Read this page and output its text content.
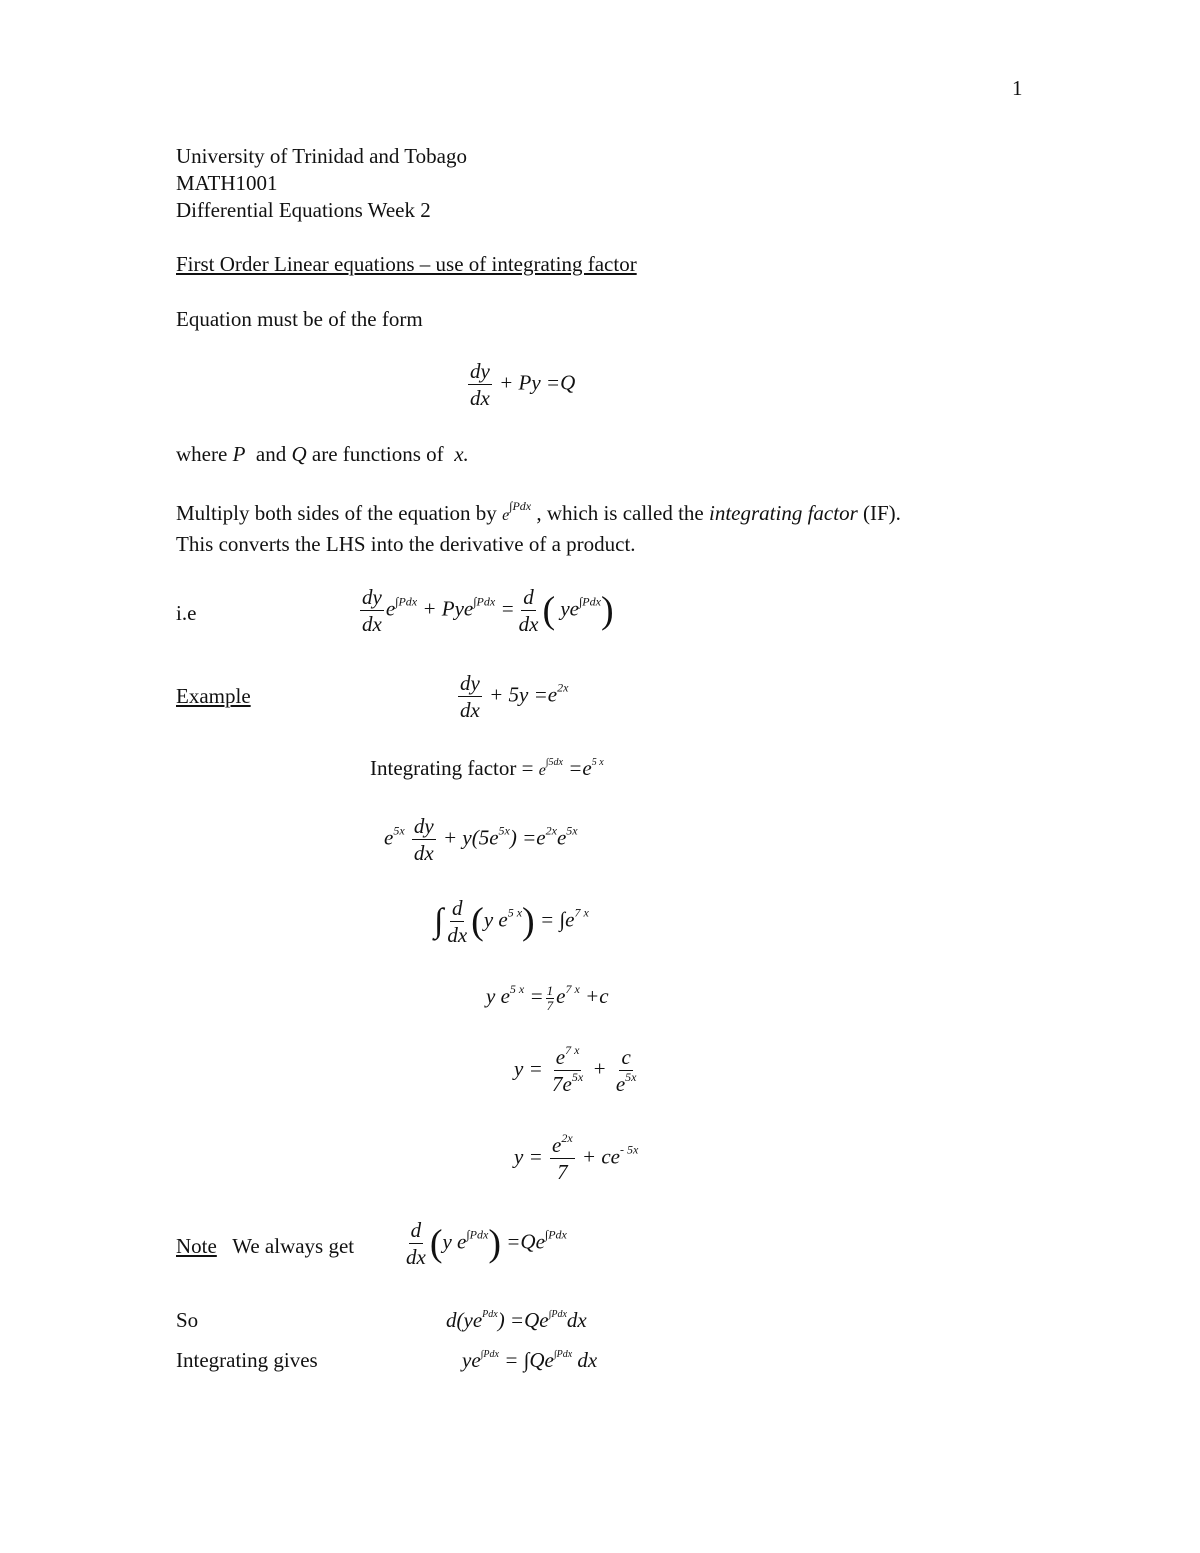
1
University of Trinidad and Tobago
MATH1001
Differential Equations Week 2
First Order Linear equations – use of integrating factor
Equation must be of the form
$\frac{dy}{dx} + Py =Q$
where P and Q are functions of x.
Multiply both sides of the equation by $e^{\int Pdx}$ , which is called the integrating factor (IF).
This converts the LHS into the derivative of a product.
i.e	$\frac{dy}{dx} e^{\int Pdx} + Pye^{\int Pdx} = \frac{d}{dx}$ ( $ye^{\int Pdx}$)
Example	$\frac{dy}{dx} + 5y =e^{2x}$
Integrating factor = $e^{\int 5dx} =e^{5 x}$
$e^{5x} \frac{dy}{dx} + y(5e^{5x}) =e^{2x}e^{5x}$
∫ $\frac{d}{dx} (y$ $e^{5 x}) = \int e^{7 x}$
y $e^{5 x} = \frac{1}{7} e^{7 x} +c$
$y = \frac{e^{7 x}}{7e^{5x}} + \frac{c}{e^{5x}}$
$y = \frac{e^{2x}}{7} + ce^{- 5x}$
Note We always get $\frac{d}{dx} (y$ $e^{\int Pdx}) =Qe^{\int Pdx}$
So	$d(ye^{Pdx}) =Qe^{\int Pdx}dx$
Integrating gives	$ye^{\int Pdx} = \int Qe^{\int Pdx}$ dx
